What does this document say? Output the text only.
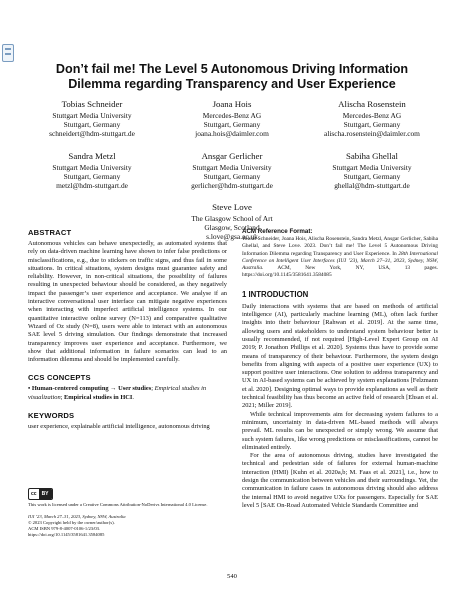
Don’t fail me! The Level 5 Autonomous Driving Information Dilemma regarding Transparency and User Experience
Tobias Schneider
Stuttgart Media University
Stuttgart, Germany
schneidert@hdm-stuttgart.de
Joana Hois
Mercedes-Benz AG
Stuttgart, Germany
joana.hois@daimler.com
Alischa Rosenstein
Mercedes-Benz AG
Stuttgart, Germany
alischa.rosenstein@daimler.com
Sandra Metzl
Stuttgart Media University
Stuttgart, Germany
metzl@hdm-stuttgart.de
Ansgar Gerlicher
Stuttgart Media University
Stuttgart, Germany
gerlicher@hdm-stuttgart.de
Sabiha Ghellal
Stuttgart Media University
Stuttgart, Germany
ghellal@hdm-stuttgart.de
Steve Love
The Glasgow School of Art
Glasgow, Scotland
s.love@gsa.ac.uk
ABSTRACT

Autonomous vehicles can behave unexpectedly, as automated systems that rely on data-driven machine learning have shown to infer false predictions or misclassifications, e.g., due to stickers on traffic signs, and thus fail in some situations. In critical situations, system designs must guarantee safety and reliability. However, in non-critical situations, the possibility of failures resulting in unexpected behaviour should be considered, as they negatively impact the passenger’s user experience and acceptance. We analyse if an interactive conversational user interface can mitigate negative experiences when interacting with imperfect artificial intelligence systems. In our quantitative interactive online survey (N=113) and comparative qualitative Wizard of Oz study (N=8), users were able to interact with an autonomous SAE level 5 driving simulation. Our findings demonstrate that increased transparency improves user experience and acceptance. Furthermore, we show that additional information in failure scenarios can lead to an information dilemma and should be implemented carefully.

CCS CONCEPTS
• Human-centered computing → User studies; Empirical studies in visualization; Empirical studies in HCI.
KEYWORDS

user experience, explainable artificial intelligence, autonomous driving

cc	BY

This work is licensed under a Creative Commons Attribution-NoDerivs International 4.0 License.

IUI ’23, March 27–31, 2023, Sydney, NSW, Australia

© 2023 Copyright held by the owner/author(s).

ACM ISBN 979-8-4007-0106-1/23/03.

https://doi.org/10.1145/3581641.3584085

ACM Reference Format:

Tobias Schneider, Joana Hois, Alischa Rosenstein, Sandra Metzl, Ansgar Gerlicher, Sabiha Ghellal, and Steve Love. 2023. Don’t fail me! The Level 5 Autonomous Driving Information Dilemma regarding Transparency and User Experience. In 28th International Conference on Intelligent User Interfaces (IUI ’23), March 27–31, 2023, Sydney, NSW, Australia. ACM, New York, NY, USA, 13 pages. https://doi.org/10.1145/3581641.3584085

1 INTRODUCTION

Daily interactions with systems that are based on methods of artificial intelligence (AI), particularly machine learning (ML), often lack further insights into their behaviour [Rahwan et al. 2019]. At the same time, allowing users and stakeholders to understand system behaviour better is usually recommended, if not required [High-Level Expert Group on AI 2019; P. Jonathon Phillips et al. 2020]. Systems thus have to provide some means of transparency of their behaviour. Furthermore, the system design benefits from aligning with aspects of a positive user experience (UX) to support positive user interactions. One solution to address transparency and UX in AI-based systems can be achieved by system explanations [Felzmann et al. 2020]. Designing optimal ways to provide explanations as well as their technical feasibility has thus become an active field of research [Ehsan et al. 2021; Miller 2019].

While technical improvements aim for decreasing system failures to a minimum, uncertainty in data-driven ML-based methods will always prevail. ML results can be unexpected or simply wrong. We assume that such system failures, like wrong predictions or misclassifications, cannot be eliminated entirely.

For the area of autonomous driving, studies have investigated the technical and pedestrian side of failures for external human-machine interaction (HMI) [Kuhn et al. 2020a,b; M. Faas et al. 2021], i.e., how to design the communication between vehicles and their surroundings. Yet, the communication in failure cases in autonomous driving should also address the internal HMI to avoid negative UXs for passengers. Especially for SAE level 5 [SAE On-Road Automated Vehicle Standards Committee and

540
